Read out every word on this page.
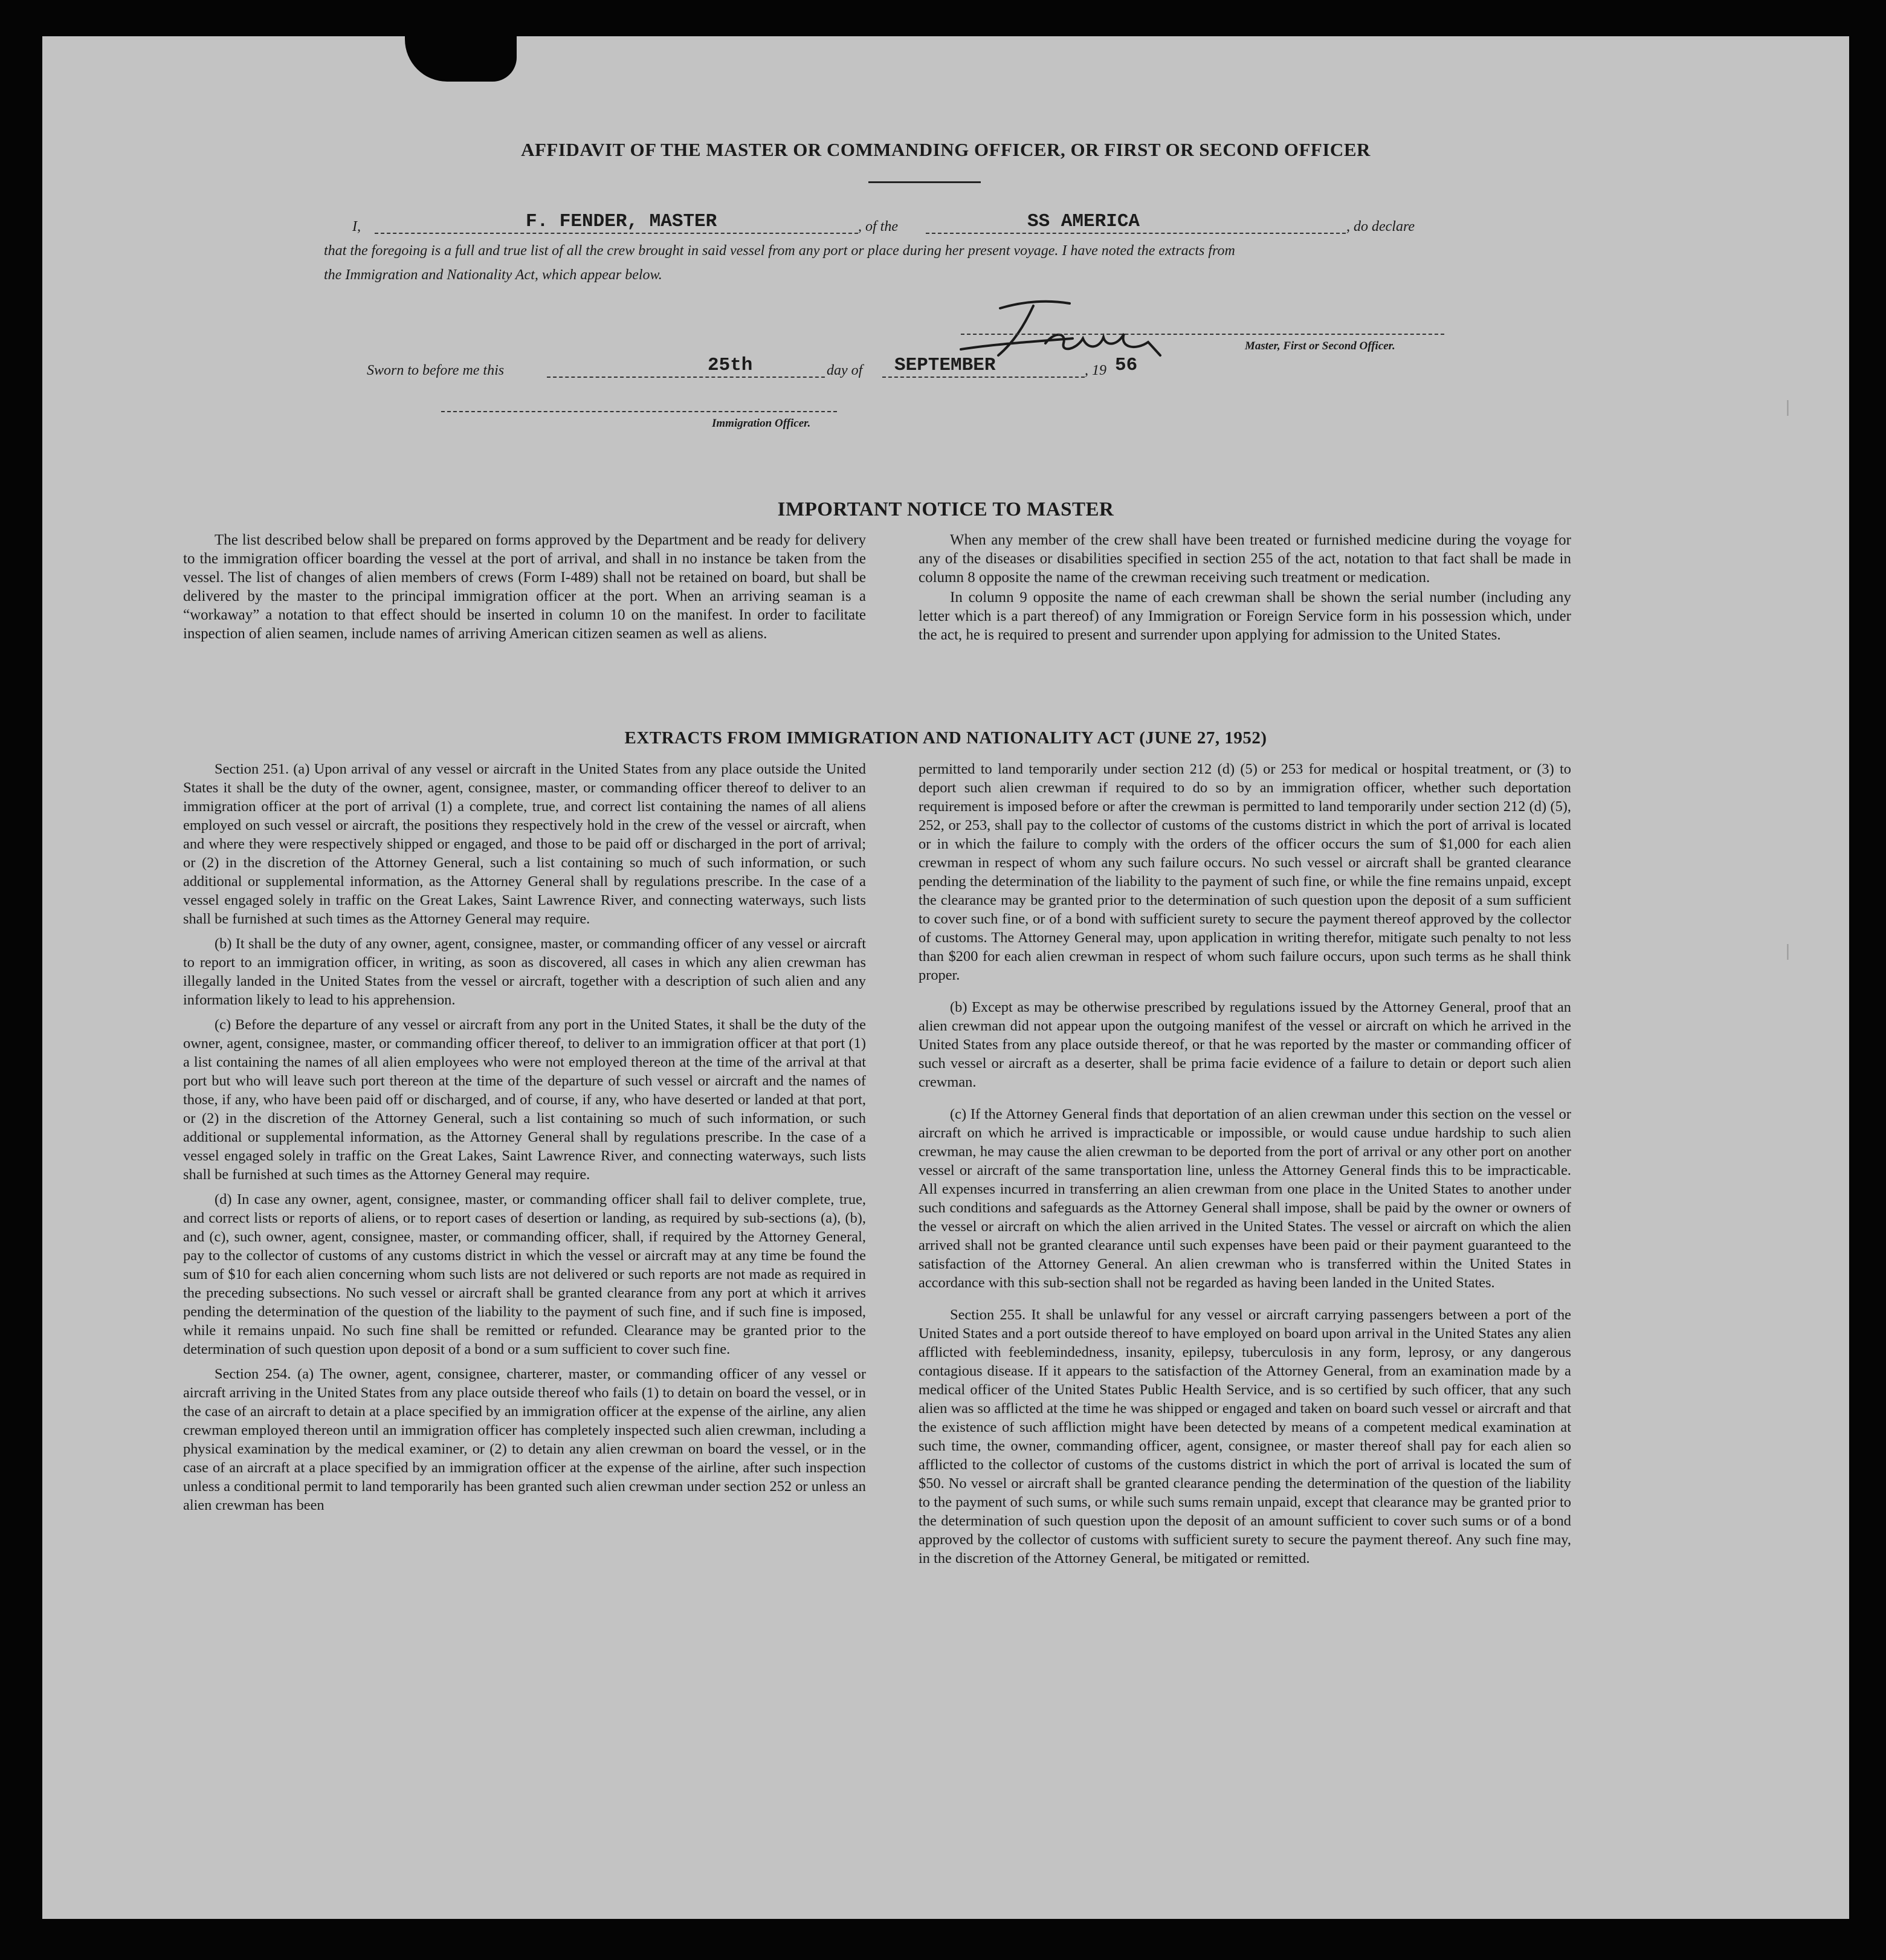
|
|
AFFIDAVIT OF THE MASTER OR COMMANDING OFFICER, OR FIRST OR SECOND OFFICER
I,	F. FENDER, MASTER	, of the	SS AMERICA	, do declare
that the foregoing is a full and true list of all the crew brought in said vessel from any port or place during her present voyage. I have noted the extracts from
the Immigration and Nationality Act, which appear below.
Master, First or Second Officer.
Sworn to before me this	25th	day of SEPTEMBER	, 19 56
Immigration Officer.
IMPORTANT NOTICE TO MASTER

The list described below shall be prepared on forms approved by the Department and be ready for delivery to the immigration officer boarding the vessel at the port of arrival, and shall in no instance be taken from the vessel. The list of changes of alien members of crews (Form I-489) shall not be retained on board, but shall be delivered by the master to the principal immigration officer at the port. When an arriving seaman is a “workaway” a notation to that effect should be inserted in column 10 on the manifest. In order to facilitate inspection of alien seamen, include names of arriving American citizen seamen as well as aliens.

When any member of the crew shall have been treated or furnished medicine during the voyage for any of the diseases or disabilities specified in section 255 of the act, notation to that fact shall be made in column 8 opposite the name of the crewman receiving such treatment or medication.

In column 9 opposite the name of each crewman shall be shown the serial number (including any letter which is a part thereof) of any Immigration or Foreign Service form in his possession which, under the act, he is required to present and surrender upon applying for admission to the United States.

EXTRACTS FROM IMMIGRATION AND NATIONALITY ACT (JUNE 27, 1952)

Section 251. (a) Upon arrival of any vessel or aircraft in the United States from any place outside the United States it shall be the duty of the owner, agent, consignee, master, or commanding officer thereof to deliver to an immigration officer at the port of arrival (1) a complete, true, and correct list containing the names of all aliens employed on such vessel or aircraft, the positions they respectively hold in the crew of the vessel or aircraft, when and where they were respectively shipped or engaged, and those to be paid off or discharged in the port of arrival; or (2) in the discretion of the Attorney General, such a list containing so much of such information, or such additional or supplemental information, as the Attorney General shall by regulations prescribe. In the case of a vessel engaged solely in traffic on the Great Lakes, Saint Lawrence River, and connecting waterways, such lists shall be furnished at such times as the Attorney General may require.

(b) It shall be the duty of any owner, agent, consignee, master, or commanding officer of any vessel or aircraft to report to an immigration officer, in writing, as soon as discovered, all cases in which any alien crewman has illegally landed in the United States from the vessel or aircraft, together with a description of such alien and any information likely to lead to his apprehension.

(c) Before the departure of any vessel or aircraft from any port in the United States, it shall be the duty of the owner, agent, consignee, master, or commanding officer thereof, to deliver to an immigration officer at that port (1) a list containing the names of all alien employees who were not employed thereon at the time of the arrival at that port but who will leave such port thereon at the time of the departure of such vessel or aircraft and the names of those, if any, who have been paid off or discharged, and of course, if any, who have deserted or landed at that port, or (2) in the discretion of the Attorney General, such a list containing so much of such information, or such additional or supplemental information, as the Attorney General shall by regulations prescribe. In the case of a vessel engaged solely in traffic on the Great Lakes, Saint Lawrence River, and connecting waterways, such lists shall be furnished at such times as the Attorney General may require.

(d) In case any owner, agent, consignee, master, or commanding officer shall fail to deliver complete, true, and correct lists or reports of aliens, or to report cases of desertion or landing, as required by sub-sections (a), (b), and (c), such owner, agent, consignee, master, or commanding officer, shall, if required by the Attorney General, pay to the collector of customs of any customs district in which the vessel or aircraft may at any time be found the sum of $10 for each alien concerning whom such lists are not delivered or such reports are not made as required in the preceding subsections. No such vessel or aircraft shall be granted clearance from any port at which it arrives pending the determination of the question of the liability to the payment of such fine, and if such fine is imposed, while it remains unpaid. No such fine shall be remitted or refunded. Clearance may be granted prior to the determination of such question upon deposit of a bond or a sum sufficient to cover such fine.

Section 254. (a) The owner, agent, consignee, charterer, master, or commanding officer of any vessel or aircraft arriving in the United States from any place outside thereof who fails (1) to detain on board the vessel, or in the case of an aircraft to detain at a place specified by an immigration officer at the expense of the airline, any alien crewman employed thereon until an immigration officer has completely inspected such alien crewman, including a physical examination by the medical examiner, or (2) to detain any alien crewman on board the vessel, or in the case of an aircraft at a place specified by an immigration officer at the expense of the airline, after such inspection unless a conditional permit to land temporarily has been granted such alien crewman under section 252 or unless an alien crewman has been

permitted to land temporarily under section 212 (d) (5) or 253 for medical or hospital treatment, or (3) to deport such alien crewman if required to do so by an immigration officer, whether such deportation requirement is imposed before or after the crewman is permitted to land temporarily under section 212 (d) (5), 252, or 253, shall pay to the collector of customs of the customs district in which the port of arrival is located or in which the failure to comply with the orders of the officer occurs the sum of $1,000 for each alien crewman in respect of whom any such failure occurs. No such vessel or aircraft shall be granted clearance pending the determination of the liability to the payment of such fine, or while the fine remains unpaid, except the clearance may be granted prior to the determination of such question upon the deposit of a sum sufficient to cover such fine, or of a bond with sufficient surety to secure the payment thereof approved by the collector of customs. The Attorney General may, upon application in writing therefor, mitigate such penalty to not less than $200 for each alien crewman in respect of whom such failure occurs, upon such terms as he shall think proper.

(b) Except as may be otherwise prescribed by regulations issued by the Attorney General, proof that an alien crewman did not appear upon the outgoing manifest of the vessel or aircraft on which he arrived in the United States from any place outside thereof, or that he was reported by the master or commanding officer of such vessel or aircraft as a deserter, shall be prima facie evidence of a failure to detain or deport such alien crewman.

(c) If the Attorney General finds that deportation of an alien crewman under this section on the vessel or aircraft on which he arrived is impracticable or impossible, or would cause undue hardship to such alien crewman, he may cause the alien crewman to be deported from the port of arrival or any other port on another vessel or aircraft of the same transportation line, unless the Attorney General finds this to be impracticable. All expenses incurred in transferring an alien crewman from one place in the United States to another under such conditions and safeguards as the Attorney General shall impose, shall be paid by the owner or owners of the vessel or aircraft on which the alien arrived in the United States. The vessel or aircraft on which the alien arrived shall not be granted clearance until such expenses have been paid or their payment guaranteed to the satisfaction of the Attorney General. An alien crewman who is transferred within the United States in accordance with this sub-section shall not be regarded as having been landed in the United States.

Section 255. It shall be unlawful for any vessel or aircraft carrying passengers between a port of the United States and a port outside thereof to have employed on board upon arrival in the United States any alien afflicted with feeblemindedness, insanity, epilepsy, tuberculosis in any form, leprosy, or any dangerous contagious disease. If it appears to the satisfaction of the Attorney General, from an examination made by a medical officer of the United States Public Health Service, and is so certified by such officer, that any such alien was so afflicted at the time he was shipped or engaged and taken on board such vessel or aircraft and that the existence of such affliction might have been detected by means of a competent medical examination at such time, the owner, commanding officer, agent, consignee, or master thereof shall pay for each alien so afflicted to the collector of customs of the customs district in which the port of arrival is located the sum of $50. No vessel or aircraft shall be granted clearance pending the determination of the question of the liability to the payment of such sums, or while such sums remain unpaid, except that clearance may be granted prior to the determination of such question upon the deposit of an amount sufficient to cover such sums or of a bond approved by the collector of customs with sufficient surety to secure the payment thereof. Any such fine may, in the discretion of the Attorney General, be mitigated or remitted.
